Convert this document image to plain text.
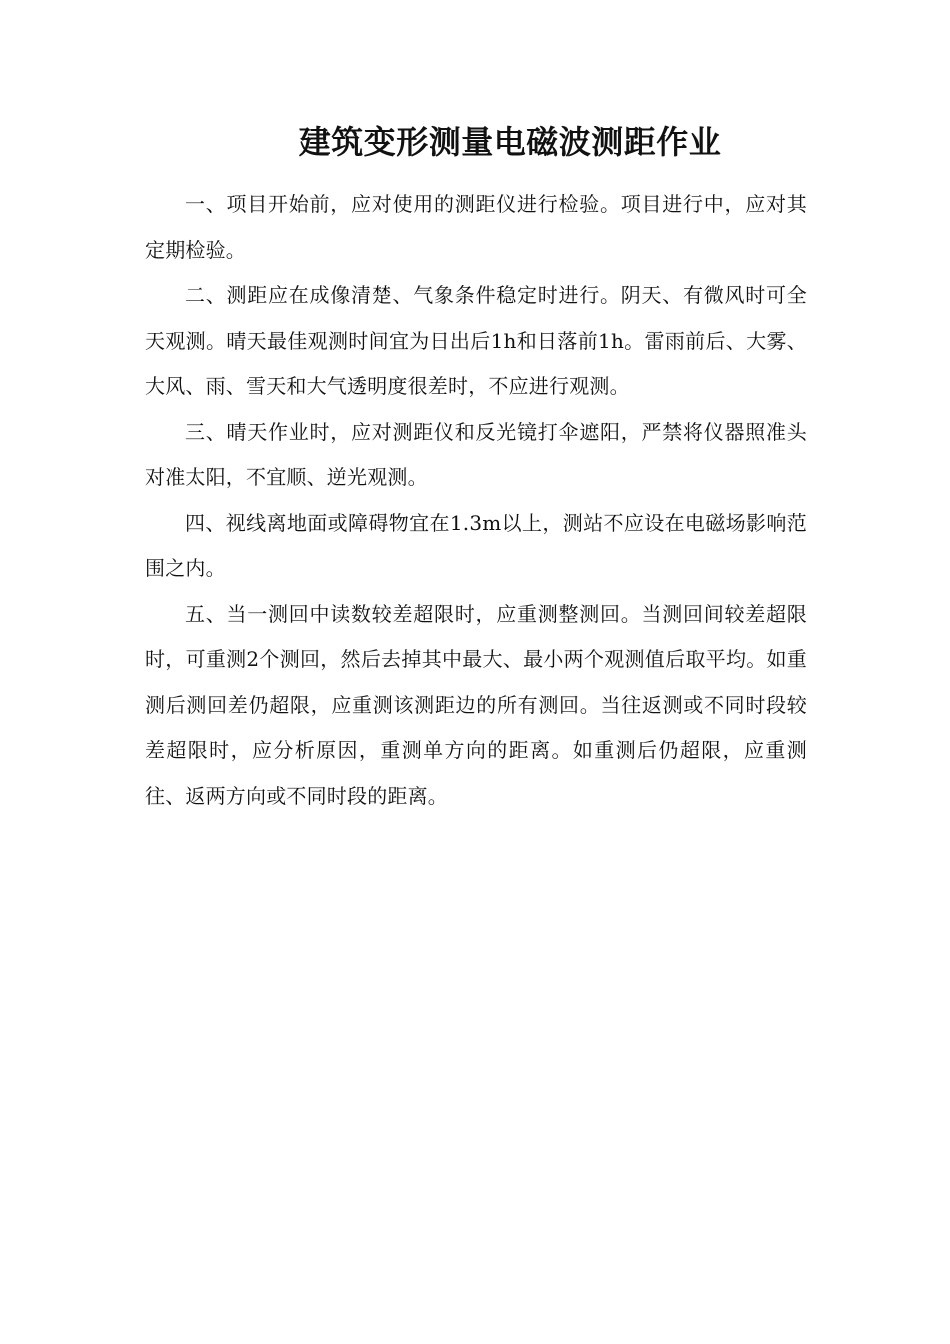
建筑变形测量电磁波测距作业

一、项目开始前，应对使用的测距仪进行检验。项目进行中，应对其定期检验。

二、测距应在成像清楚、气象条件稳定时进行。阴天、有微风时可全天观测。晴天最佳观测时间宜为日出后1h和日落前1h。雷雨前后、大雾、大风、雨、雪天和大气透明度很差时，不应进行观测。

三、晴天作业时，应对测距仪和反光镜打伞遮阳，严禁将仪器照准头对准太阳，不宜顺、逆光观测。

四、视线离地面或障碍物宜在1.3m以上，测站不应设在电磁场影响范围之内。

五、当一测回中读数较差超限时，应重测整测回。当测回间较差超限时，可重测2个测回，然后去掉其中最大、最小两个观测值后取平均。如重测后测回差仍超限，应重测该测距边的所有测回。当往返测或不同时段较差超限时，应分析原因，重测单方向的距离。如重测后仍超限，应重测往、返两方向或不同时段的距离。
